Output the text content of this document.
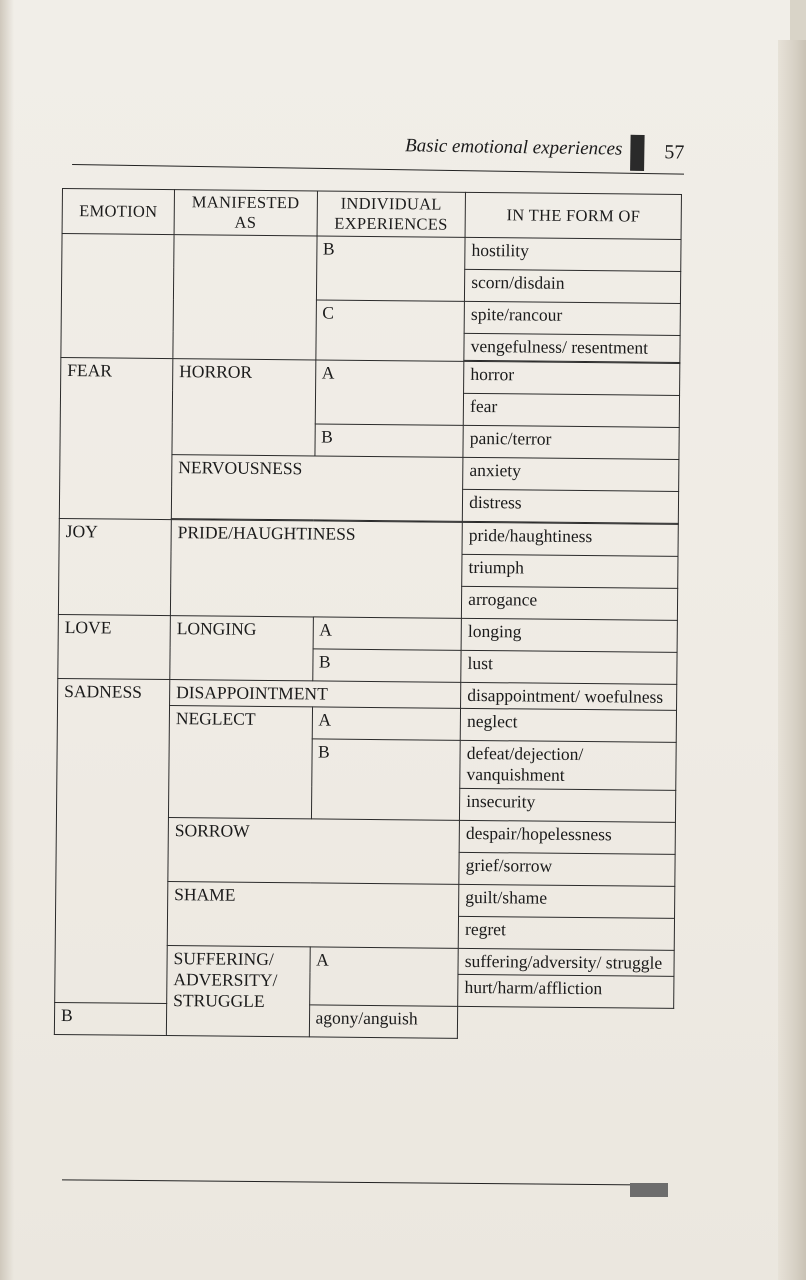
Basic emotional experiences 57
EMOTION	MANIFESTED AS	INDIVIDUAL EXPERIENCES	IN THE FORM OF
		B	hostility
			scorn/disdain
		C	spite/rancour
			vengefulness/ resentment

FEAR	HORROR	A	horror
			fear
		B	panic/terror
	NERVOUSNESS		anxiety
			distress

JOY	PRIDE/HAUGHTINESS		pride/haughtiness
			triumph
			arrogance
LOVE	LONGING	A	longing
		B	lust
SADNESS	DISAPPOINTMENT		disappointment/ woefulness
	NEGLECT	A	neglect
		B	defeat/dejection/ vanquishment
			insecurity
	SORROW		despair/hopelessness
			grief/sorrow
	SHAME		guilt/shame
			regret
	SUFFERING/ ADVERSITY/ STRUGGLE	A	suffering/adversity/ struggle
			hurt/harm/affliction
B		agony/anguish	
